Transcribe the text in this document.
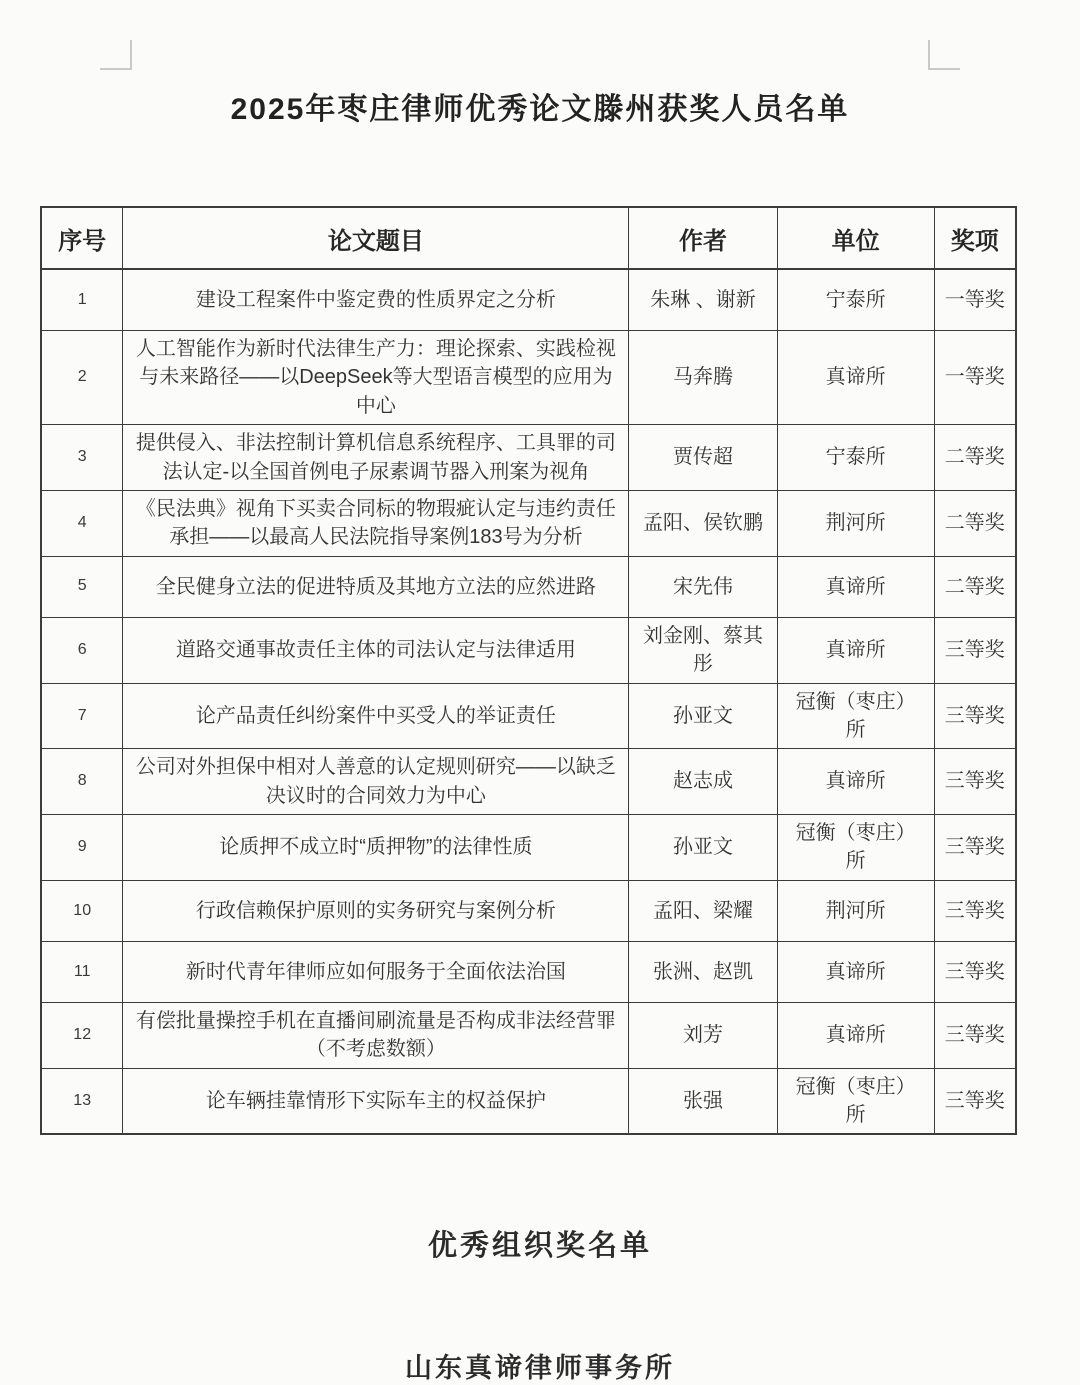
2025年枣庄律师优秀论文滕州获奖人员名单
序号	论文题目	作者	单位	奖项
1	建设工程案件中鉴定费的性质界定之分析	朱琳 、谢新	宁泰所	一等奖
2	人工智能作为新时代法律生产力：理论探索、实践检视与未来路径——以DeepSeek等大型语言模型的应用为中心	马奔腾	真谛所	一等奖
3	提供侵入、非法控制计算机信息系统程序、工具罪的司法认定-以全国首例电子尿素调节器入刑案为视角	贾传超	宁泰所	二等奖
4	《民法典》视角下买卖合同标的物瑕疵认定与违约责任承担——以最高人民法院指导案例183号为分析	孟阳、侯钦鹏	荆河所	二等奖
5	全民健身立法的促进特质及其地方立法的应然进路	宋先伟	真谛所	二等奖
6	道路交通事故责任主体的司法认定与法律适用	刘金刚、蔡其彤	真谛所	三等奖
7	论产品责任纠纷案件中买受人的举证责任	孙亚文	冠衡（枣庄）所	三等奖
8	公司对外担保中相对人善意的认定规则研究——以缺乏决议时的合同效力为中心	赵志成	真谛所	三等奖
9	论质押不成立时“质押物”的法律性质	孙亚文	冠衡（枣庄）所	三等奖
10	行政信赖保护原则的实务研究与案例分析	孟阳、梁耀	荆河所	三等奖
11	新时代青年律师应如何服务于全面依法治国	张洲、赵凯	真谛所	三等奖
12	有偿批量操控手机在直播间刷流量是否构成非法经营罪（不考虑数额）	刘芳	真谛所	三等奖
13	论车辆挂靠情形下实际车主的权益保护	张强	冠衡（枣庄）所	三等奖
优秀组织奖名单
山东真谛律师事务所
